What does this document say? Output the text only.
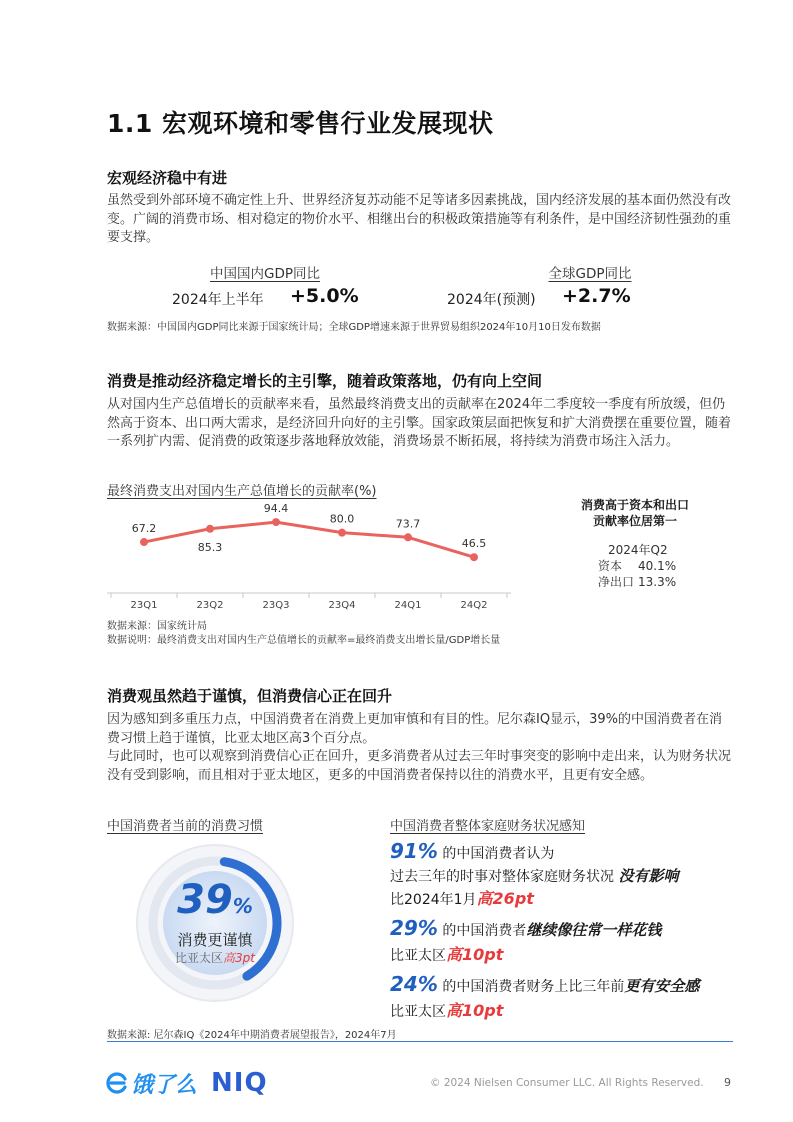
1.1 宏观环境和零售行业发展现状
宏观经济稳中有进
虽然受到外部环境不确定性上升、世界经济复苏动能不足等诸多因素挑战，国内经济发展的基本面仍然没有改变。广阔的消费市场、相对稳定的物价水平、相继出台的积极政策措施等有利条件，是中国经济韧性强劲的重要支撑。
中国国内GDP同比
2024年上半年 +5.0%
全球GDP同比
2024年(预测) +2.7%
数据来源：中国国内GDP同比来源于国家统计局；全球GDP增速来源于世界贸易组织2024年10月10日发布数据
消费是推动经济稳定增长的主引擎，随着政策落地，仍有向上空间
从对国内生产总值增长的贡献率来看，虽然最终消费支出的贡献率在2024年二季度较一季度有所放缓，但仍然高于资本、出口两大需求，是经济回升向好的主引擎。国家政策层面把恢复和扩大消费摆在重要位置，随着一系列扩内需、促消费的政策逐步落地释放效能，消费场景不断拓展，将持续为消费市场注入活力。
最终消费支出对国内生产总值增长的贡献率(%)
67.2
85.3
94.4
80.0	73.7
46.5
23Q1	23Q2	23Q3	23Q4	24Q1	24Q2
消费高于资本和出口
贡献率位居第一
2024年Q2
资本 40.1%
净出口 13.3%
数据来源：国家统计局
数据说明：最终消费支出对国内生产总值增长的贡献率=最终消费支出增长量/GDP增长量
消费观虽然趋于谨慎，但消费信心正在回升
因为感知到多重压力点，中国消费者在消费上更加审慎和有目的性。尼尔森IQ显示，39%的中国消费者在消费习惯上趋于谨慎，比亚太地区高3个百分点。
与此同时，也可以观察到消费信心正在回升，更多消费者从过去三年时事突变的影响中走出来，认为财务状况没有受到影响，而且相对于亚太地区，更多的中国消费者保持以往的消费水平，且更有安全感。
中国消费者当前的消费习惯
39%
消费更谨慎
比亚太区高3pt
中国消费者整体家庭财务状况感知
91% 的中国消费者认为
过去三年的时事对整体家庭财务状况 没有影响
比2024年1月高26pt
29% 的中国消费者继续像往常一样花钱
比亚太区高10pt
24% 的中国消费者财务上比三年前更有安全感
比亚太区高10pt
数据来源: 尼尔森IQ《2024年中期消费者展望报告》，2024年7月
饿了么 NIQ	© 2024 Nielsen Consumer LLC. All Rights Reserved. 9
